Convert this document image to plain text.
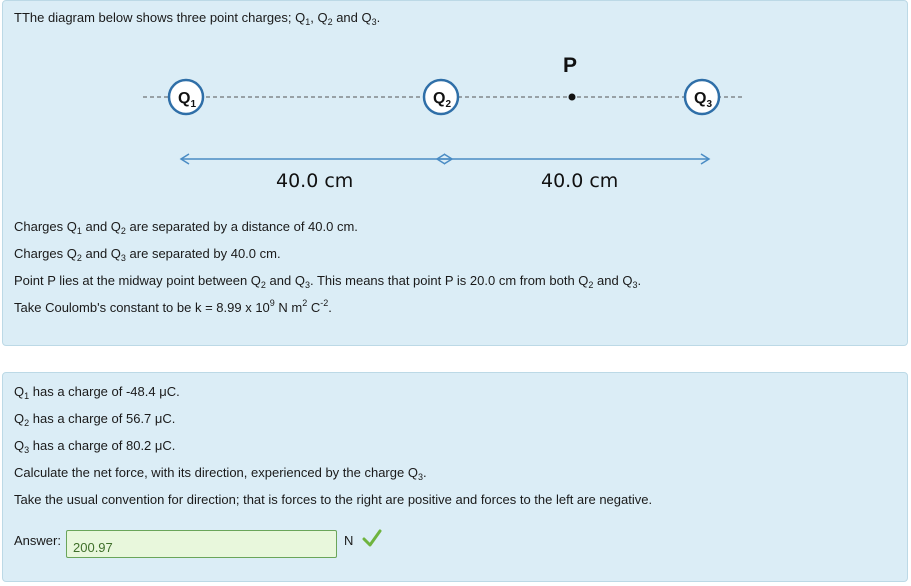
TThe diagram below shows three point charges; $Q_1$, $Q_2$ and $Q_3$.
$Q_1$	$Q_2$	$Q_3$
P
40.0 cm	40.0 cm
Charges $Q_1$ and $Q_2$ are separated by a distance of 40.0 cm.
Charges $Q_2$ and $Q_3$ are separated by 40.0 cm.
Point P lies at the midway point between $Q_2$ and $Q_3$. This means that point P is 20.0 cm from both $Q_2$ and $Q_3$.
Take Coulomb's constant to be k = 8.99 x $10^9$ N $m^2$ $C^{-2}$.
$Q_1$ has a charge of -48.4 μC.
$Q_2$ has a charge of 56.7 μC.
$Q_3$ has a charge of 80.2 μC.
Calculate the net force, with its direction, experienced by the charge $Q_3$.
Take the usual convention for direction; that is forces to the right are positive and forces to the left are negative.
Answer:
200.97	N
